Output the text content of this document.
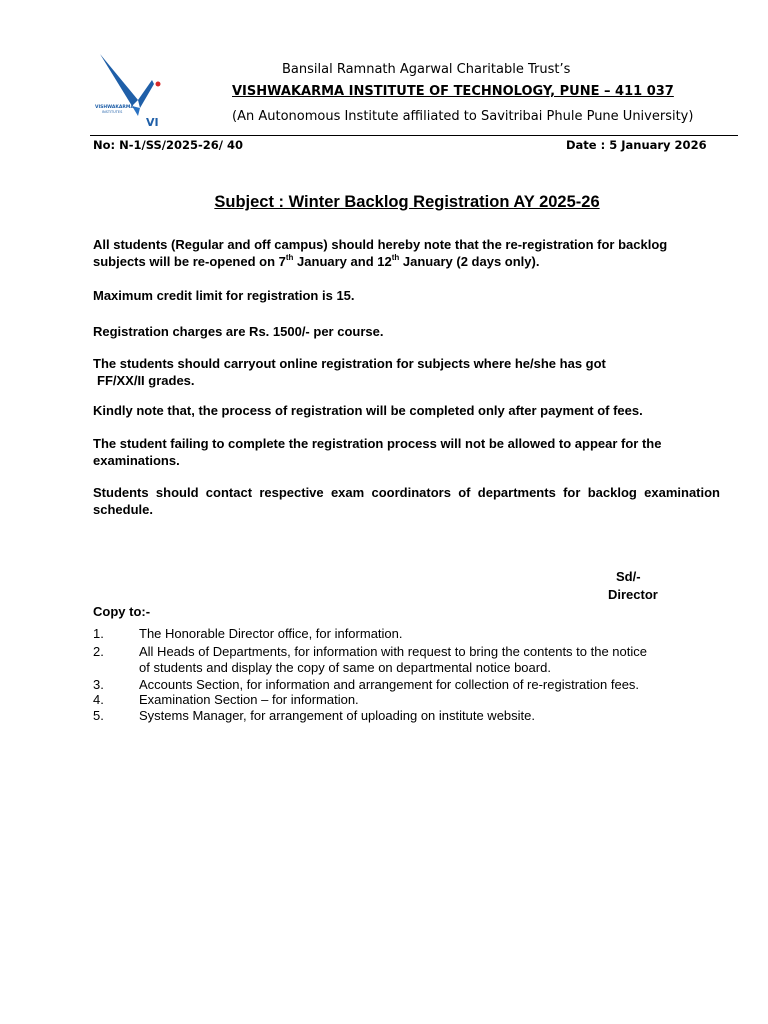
VISHWAKARMA
INSTITUTES
VI
Bansilal Ramnath Agarwal Charitable Trust’s
VISHWAKARMA INSTITUTE OF TECHNOLOGY, PUNE – 411 037
(An Autonomous Institute affiliated to Savitribai Phule Pune University)
No: N-1/SS/2025-26/ 40	Date : 5 January 2026
Subject : Winter Backlog Registration AY 2025-26
All students (Regular and off campus) should hereby note that the re-registration for backlog subjects will be re-opened on 7th January and 12th January (2 days only).
Maximum credit limit for registration is 15.
Registration charges are Rs. 1500/- per course.
The students should carryout online registration for subjects where he/she has got
FF/XX/II grades.
Kindly note that, the process of registration will be completed only after payment of fees.
The student failing to complete the registration process will not be allowed to appear for the examinations.
Students should contact respective exam coordinators of departments for backlog examination schedule.
Sd/-
Director
Copy to:-
1.	The Honorable Director office, for information.
2.	All Heads of Departments, for information with request to bring the contents to the notice
of students and display the copy of same on departmental notice board.
3.	Accounts Section, for information and arrangement for collection of re-registration fees.
4.	Examination Section – for information.
5.	Systems Manager, for arrangement of uploading on institute website.
